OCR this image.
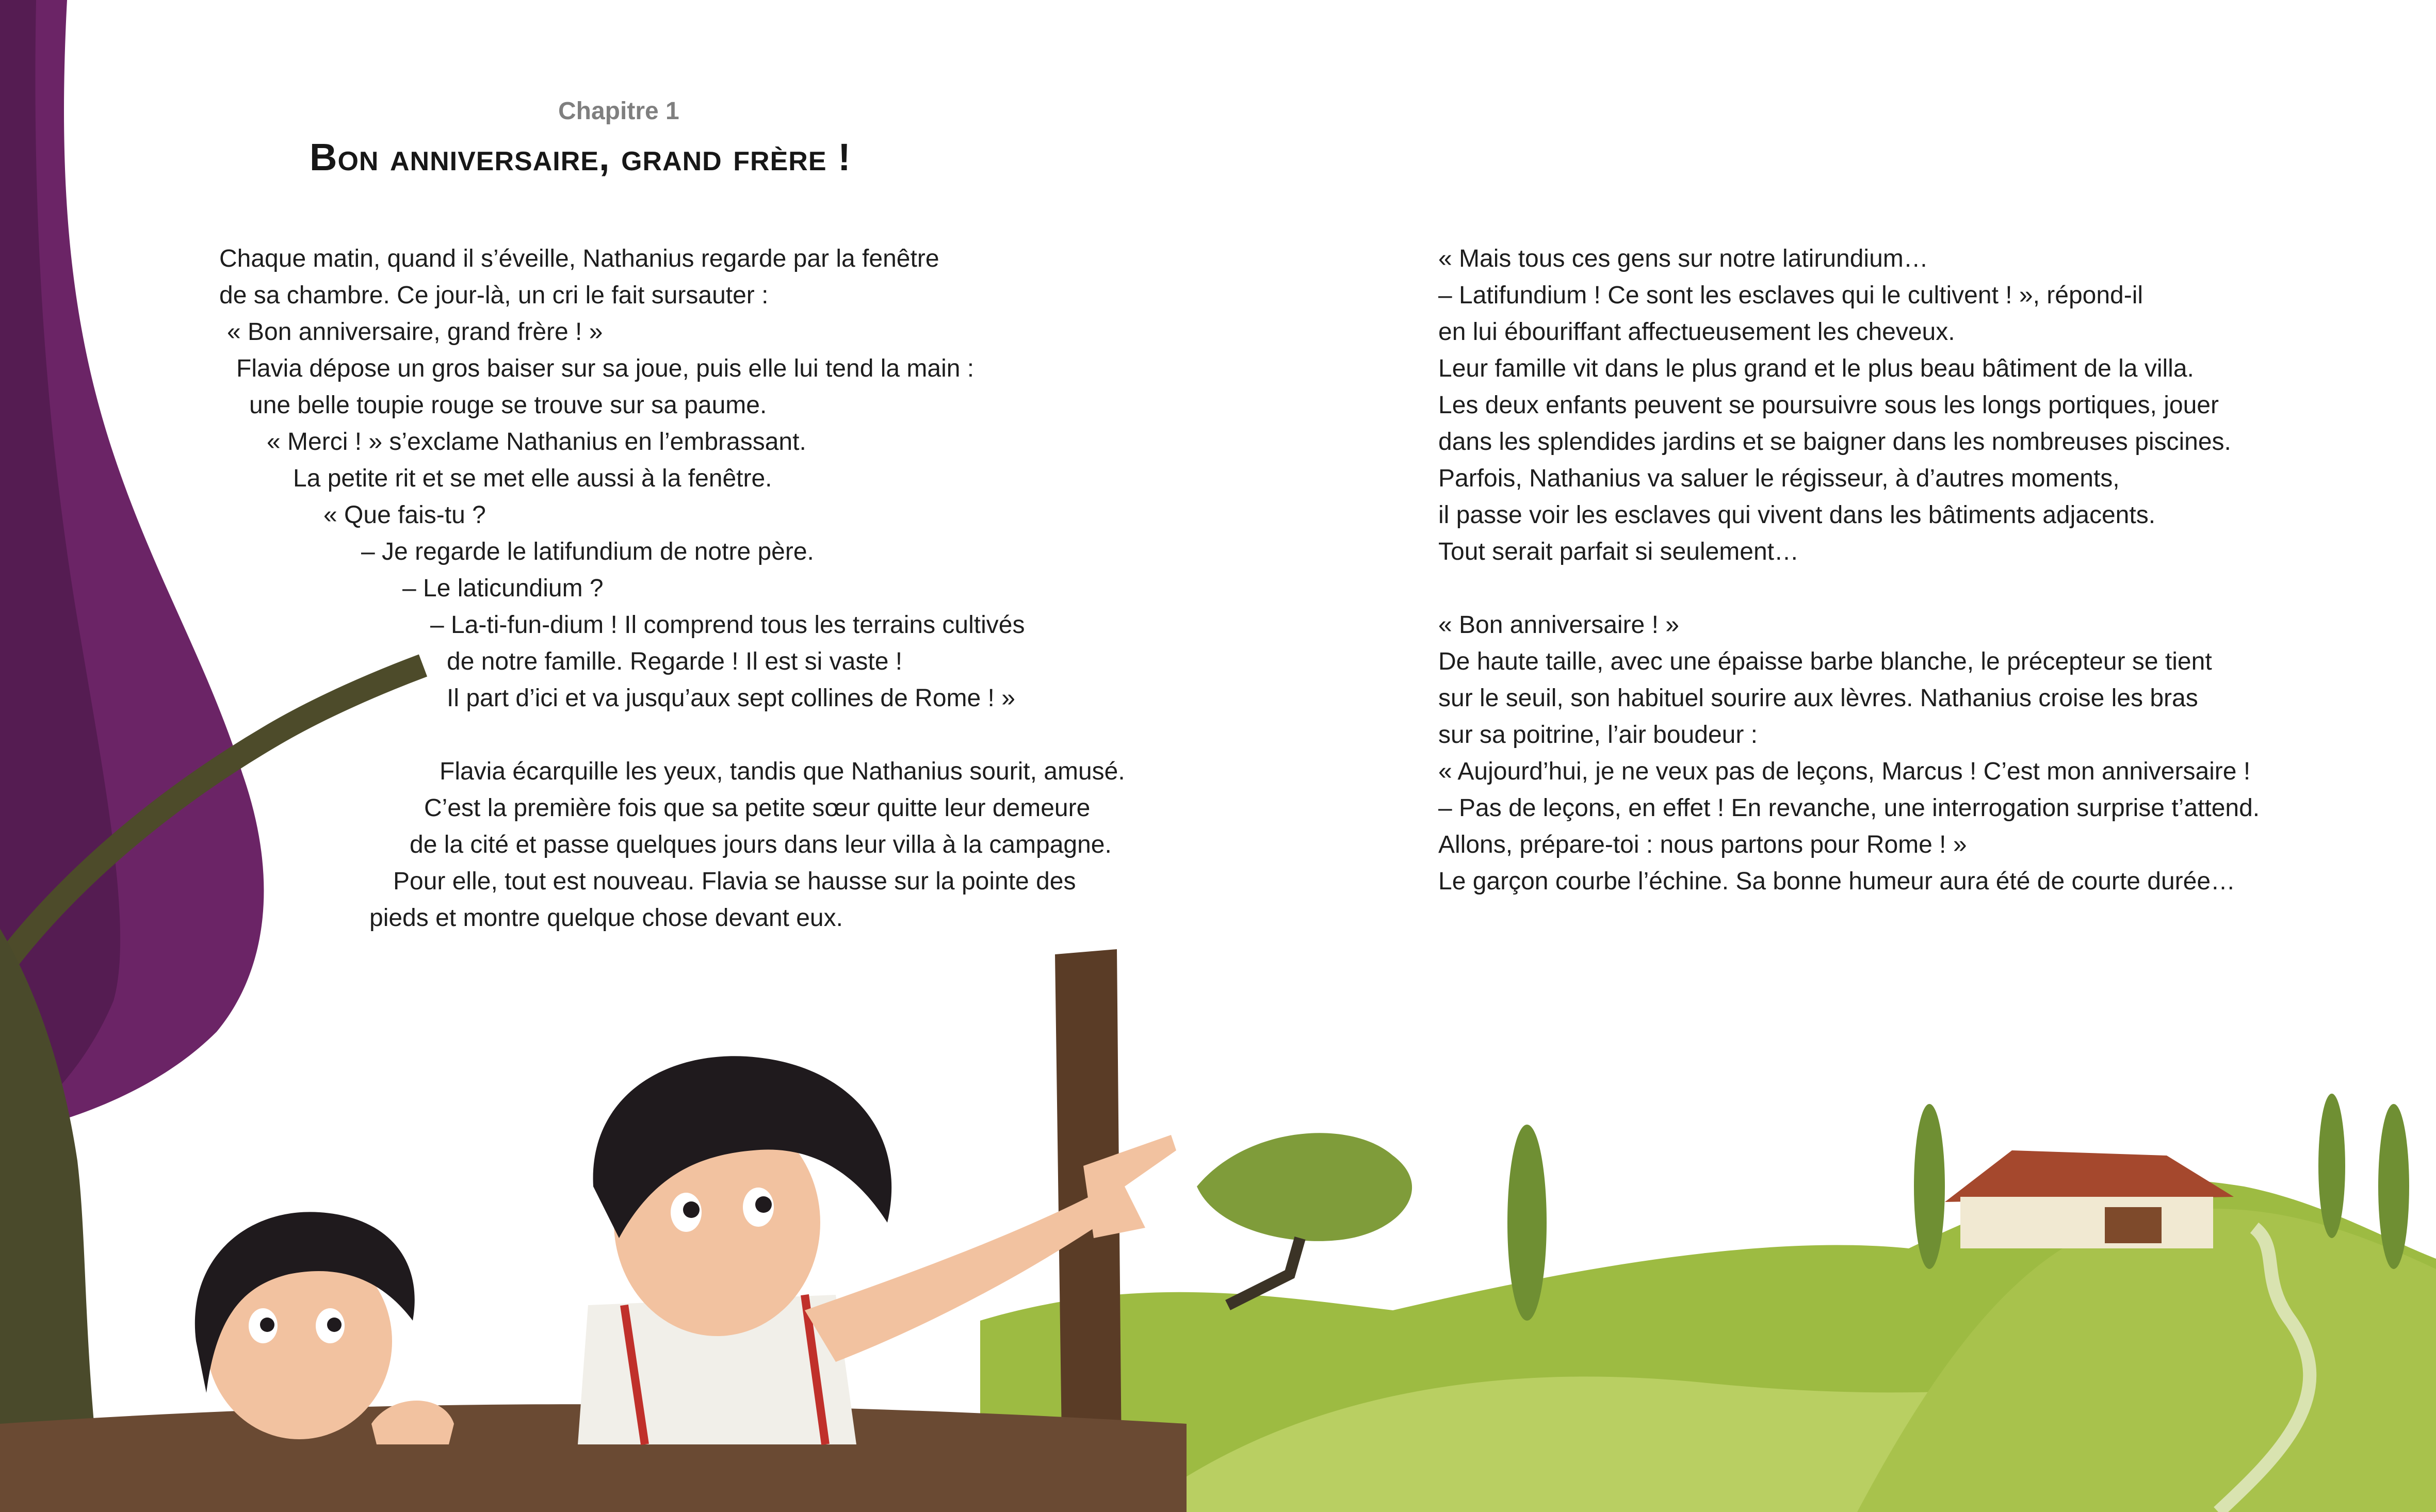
Chapitre 1
Bon anniversaire, grand frère !

Chaque matin, quand il s’éveille, Nathanius regarde par la fenêtre

de sa chambre. Ce jour-là, un cri le fait sursauter :

« Bon anniversaire, grand frère ! »

Flavia dépose un gros baiser sur sa joue, puis elle lui tend la main :

une belle toupie rouge se trouve sur sa paume.

« Merci ! » s’exclame Nathanius en l’embrassant.

La petite rit et se met elle aussi à la fenêtre.

« Que fais-tu ?

– Je regarde le latifundium de notre père.

– Le laticundium ?

– La-ti-fun-dium ! Il comprend tous les terrains cultivés

de notre famille. Regarde ! Il est si vaste !

Il part d’ici et va jusqu’aux sept collines de Rome ! »

Flavia écarquille les yeux, tandis que Nathanius sourit, amusé.

C’est la première fois que sa petite sœur quitte leur demeure

de la cité et passe quelques jours dans leur villa à la campagne.

Pour elle, tout est nouveau. Flavia se hausse sur la pointe des

pieds et montre quelque chose devant eux.

« Mais tous ces gens sur notre latirundium…

– Latifundium ! Ce sont les esclaves qui le cultivent ! », répond-il

en lui ébouriffant affectueusement les cheveux.

Leur famille vit dans le plus grand et le plus beau bâtiment de la villa.

Les deux enfants peuvent se poursuivre sous les longs portiques, jouer

dans les splendides jardins et se baigner dans les nombreuses piscines.

Parfois, Nathanius va saluer le régisseur, à d’autres moments,

il passe voir les esclaves qui vivent dans les bâtiments adjacents.

Tout serait parfait si seulement…

« Bon anniversaire ! »

De haute taille, avec une épaisse barbe blanche, le précepteur se tient

sur le seuil, son habituel sourire aux lèvres. Nathanius croise les bras

sur sa poitrine, l’air boudeur :

« Aujourd’hui, je ne veux pas de leçons, Marcus ! C’est mon anniversaire !

– Pas de leçons, en effet ! En revanche, une interrogation surprise t’attend.

Allons, prépare-toi : nous partons pour Rome ! »

Le garçon courbe l’échine. Sa bonne humeur aura été de courte durée…
